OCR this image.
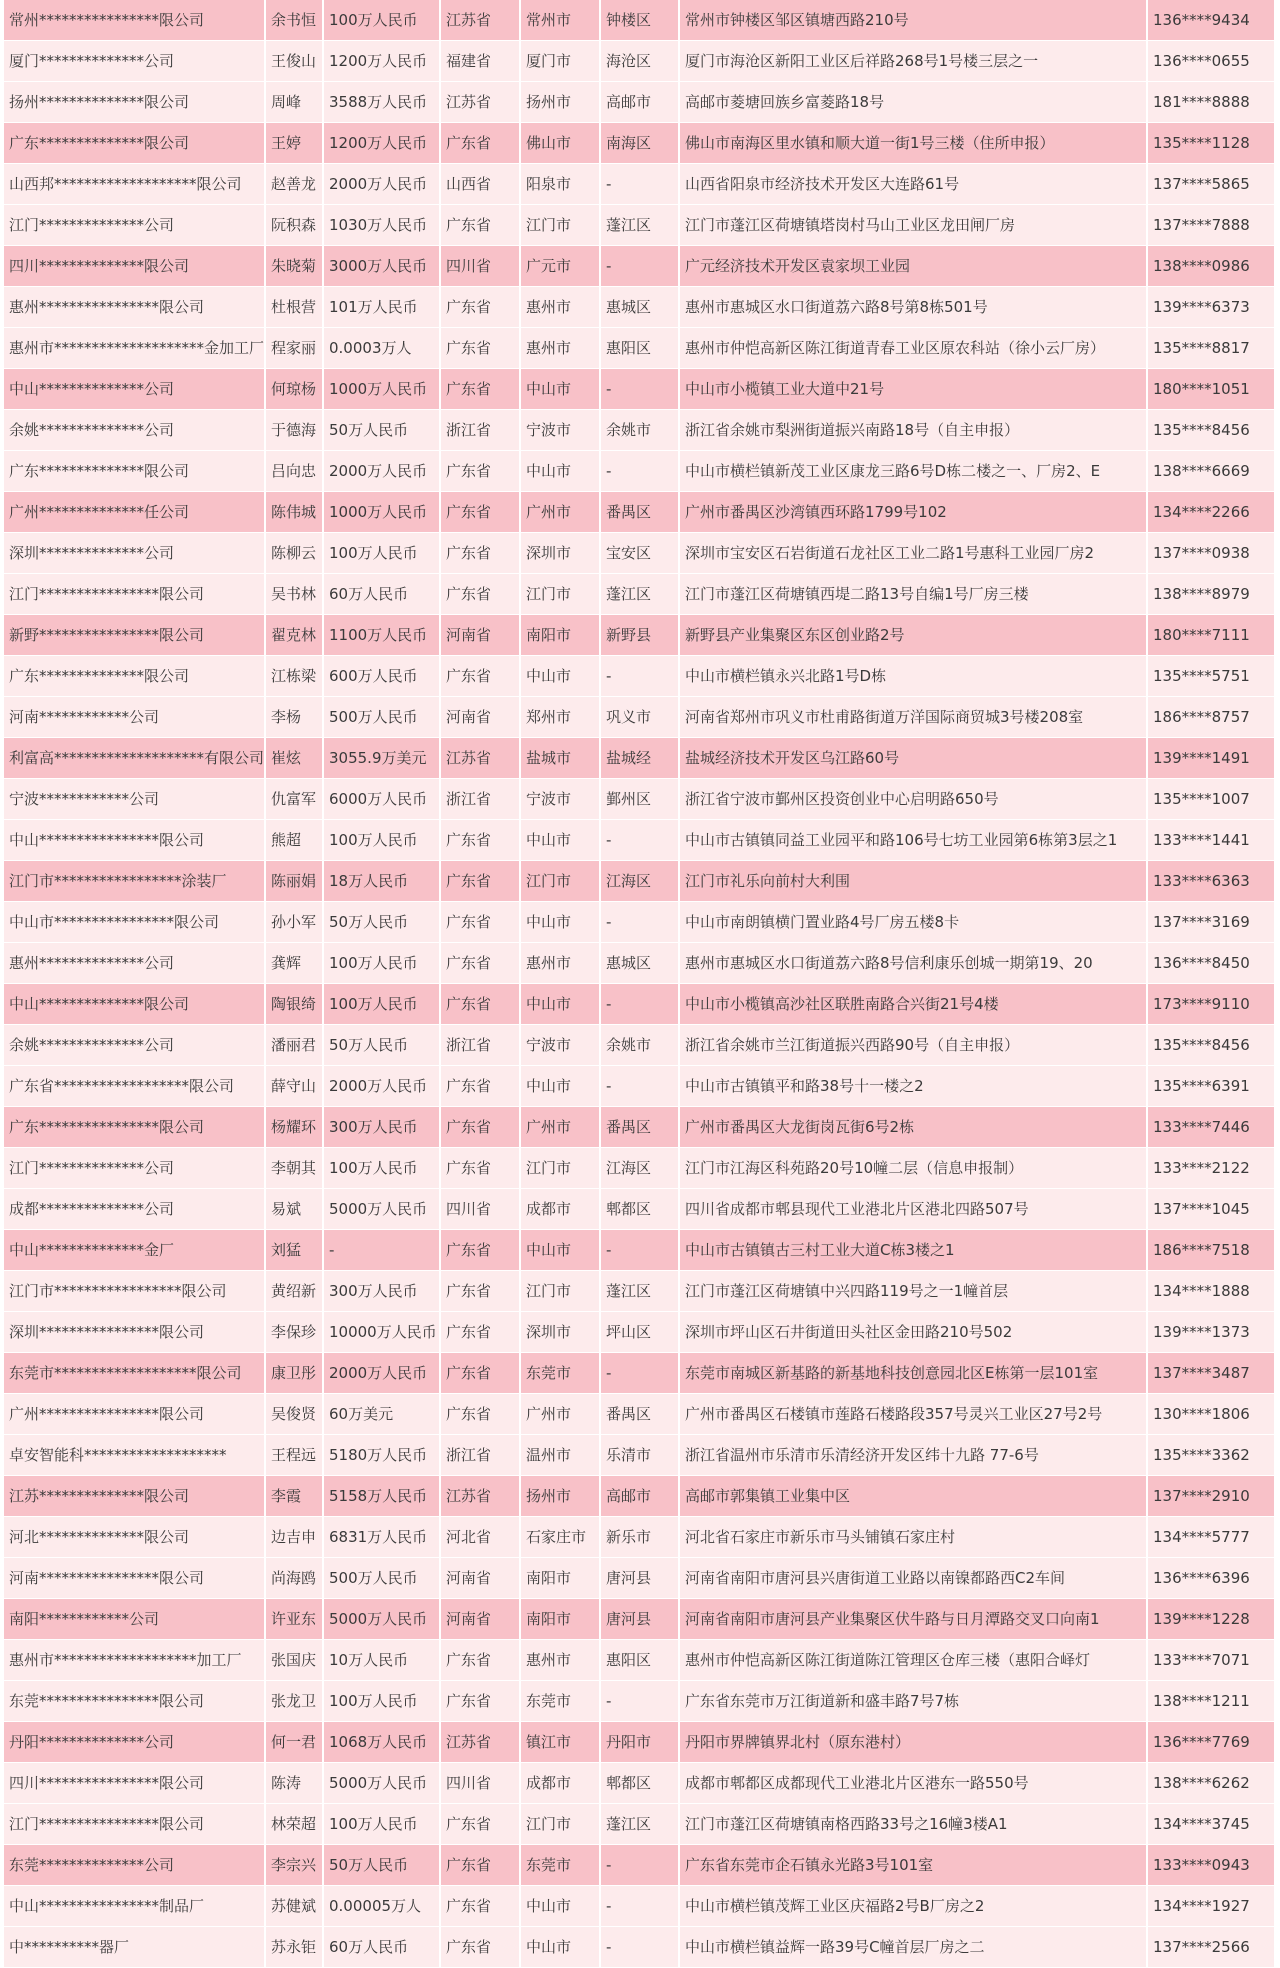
常州****************限公司	余书恒	100万人民币	江苏省	常州市	钟楼区	常州市钟楼区邹区镇塘西路210号	136****9434
厦门**************公司	王俊山	1200万人民币	福建省	厦门市	海沧区	厦门市海沧区新阳工业区后祥路268号1号楼三层之一	136****0655
扬州**************限公司	周峰	3588万人民币	江苏省	扬州市	高邮市	高邮市菱塘回族乡富菱路18号	181****8888
广东**************限公司	王婷	1200万人民币	广东省	佛山市	南海区	佛山市南海区里水镇和顺大道一街1号三楼（住所申报）	135****1128
山西邦*******************限公司	赵善龙	2000万人民币	山西省	阳泉市	-	山西省阳泉市经济技术开发区大连路61号	137****5865
江门**************公司	阮积森	1030万人民币	广东省	江门市	蓬江区	江门市蓬江区荷塘镇塔岗村马山工业区龙田闸厂房	137****7888
四川**************限公司	朱晓菊	3000万人民币	四川省	广元市	-	广元经济技术开发区袁家坝工业园	138****0986
惠州****************限公司	杜根营	101万人民币	广东省	惠州市	惠城区	惠州市惠城区水口街道荔六路8号第8栋501号	139****6373
惠州市********************金加工厂	程家丽	0.0003万人	广东省	惠州市	惠阳区	惠州市仲恺高新区陈江街道青春工业区原农科站（徐小云厂房）	135****8817
中山**************公司	何琼杨	1000万人民币	广东省	中山市	-	中山市小榄镇工业大道中21号	180****1051
余姚**************公司	于德海	50万人民币	浙江省	宁波市	余姚市	浙江省余姚市梨洲街道振兴南路18号（自主申报）	135****8456
广东**************限公司	吕向忠	2000万人民币	广东省	中山市	-	中山市横栏镇新茂工业区康龙三路6号D栋二楼之一、厂房2、E	138****6669
广州**************任公司	陈伟城	1000万人民币	广东省	广州市	番禺区	广州市番禺区沙湾镇西环路1799号102	134****2266
深圳**************公司	陈柳云	100万人民币	广东省	深圳市	宝安区	深圳市宝安区石岩街道石龙社区工业二路1号惠科工业园厂房2	137****0938
江门****************限公司	吴书林	60万人民币	广东省	江门市	蓬江区	江门市蓬江区荷塘镇西堤二路13号自编1号厂房三楼	138****8979
新野****************限公司	翟克林	1100万人民币	河南省	南阳市	新野县	新野县产业集聚区东区创业路2号	180****7111
广东**************限公司	江栋梁	600万人民币	广东省	中山市	-	中山市横栏镇永兴北路1号D栋	135****5751
河南************公司	李杨	500万人民币	河南省	郑州市	巩义市	河南省郑州市巩义市杜甫路街道万洋国际商贸城3号楼208室	186****8757
利富高********************有限公司	崔炫	3055.9万美元	江苏省	盐城市	盐城经	盐城经济技术开发区乌江路60号	139****1491
宁波************公司	仇富军	6000万人民币	浙江省	宁波市	鄞州区	浙江省宁波市鄞州区投资创业中心启明路650号	135****1007
中山****************限公司	熊超	100万人民币	广东省	中山市	-	中山市古镇镇同益工业园平和路106号七坊工业园第6栋第3层之1	133****1441
江门市*****************涂装厂	陈丽娟	18万人民币	广东省	江门市	江海区	江门市礼乐向前村大利围	133****6363
中山市****************限公司	孙小军	50万人民币	广东省	中山市	-	中山市南朗镇横门置业路4号厂房五楼8卡	137****3169
惠州**************公司	龚辉	100万人民币	广东省	惠州市	惠城区	惠州市惠城区水口街道荔六路8号信利康乐创城一期第19、20	136****8450
中山**************限公司	陶银绮	100万人民币	广东省	中山市	-	中山市小榄镇高沙社区联胜南路合兴街21号4楼	173****9110
余姚**************公司	潘丽君	50万人民币	浙江省	宁波市	余姚市	浙江省余姚市兰江街道振兴西路90号（自主申报）	135****8456
广东省******************限公司	薛守山	2000万人民币	广东省	中山市	-	中山市古镇镇平和路38号十一楼之2	135****6391
广东****************限公司	杨耀环	300万人民币	广东省	广州市	番禺区	广州市番禺区大龙街岗瓦街6号2栋	133****7446
江门**************公司	李朝其	100万人民币	广东省	江门市	江海区	江门市江海区科苑路20号10幢二层（信息申报制）	133****2122
成都**************公司	易斌	5000万人民币	四川省	成都市	郫都区	四川省成都市郫县现代工业港北片区港北四路507号	137****1045
中山**************金厂	刘猛	-	广东省	中山市	-	中山市古镇镇古三村工业大道C栋3楼之1	186****7518
江门市*****************限公司	黄绍新	300万人民币	广东省	江门市	蓬江区	江门市蓬江区荷塘镇中兴四路119号之一1幢首层	134****1888
深圳****************限公司	李保珍	10000万人民币	广东省	深圳市	坪山区	深圳市坪山区石井街道田头社区金田路210号502	139****1373
东莞市*******************限公司	康卫彤	2000万人民币	广东省	东莞市	-	东莞市南城区新基路的新基地科技创意园北区E栋第一层101室	137****3487
广州****************限公司	吴俊贤	60万美元	广东省	广州市	番禺区	广州市番禺区石楼镇市莲路石楼路段357号灵兴工业区27号2号	130****1806
卓安智能科*******************	王程远	5180万人民币	浙江省	温州市	乐清市	浙江省温州市乐清市乐清经济开发区纬十九路 77-6号	135****3362
江苏**************限公司	李霞	5158万人民币	江苏省	扬州市	高邮市	高邮市郭集镇工业集中区	137****2910
河北**************限公司	边吉申	6831万人民币	河北省	石家庄市	新乐市	河北省石家庄市新乐市马头铺镇石家庄村	134****5777
河南****************限公司	尚海鸥	500万人民币	河南省	南阳市	唐河县	河南省南阳市唐河县兴唐街道工业路以南镍都路西C2车间	136****6396
南阳************公司	许亚东	5000万人民币	河南省	南阳市	唐河县	河南省南阳市唐河县产业集聚区伏牛路与日月潭路交叉口向南1	139****1228
惠州市*******************加工厂	张国庆	10万人民币	广东省	惠州市	惠阳区	惠州市仲恺高新区陈江街道陈江管理区仓库三楼（惠阳合峄灯	133****7071
东莞****************限公司	张龙卫	100万人民币	广东省	东莞市	-	广东省东莞市万江街道新和盛丰路7号7栋	138****1211
丹阳**************公司	何一君	1068万人民币	江苏省	镇江市	丹阳市	丹阳市界牌镇界北村（原东港村）	136****7769
四川****************限公司	陈涛	5000万人民币	四川省	成都市	郫都区	成都市郫都区成都现代工业港北片区港东一路550号	138****6262
江门****************限公司	林荣超	100万人民币	广东省	江门市	蓬江区	江门市蓬江区荷塘镇南格西路33号之16幢3楼A1	134****3745
东莞**************公司	李宗兴	50万人民币	广东省	东莞市	-	广东省东莞市企石镇永光路3号101室	133****0943
中山****************制品厂	苏健斌	0.00005万人	广东省	中山市	-	中山市横栏镇茂辉工业区庆福路2号B厂房之2	134****1927
中**********器厂	苏永钜	60万人民币	广东省	中山市	-	中山市横栏镇益辉一路39号C幢首层厂房之二	137****2566
